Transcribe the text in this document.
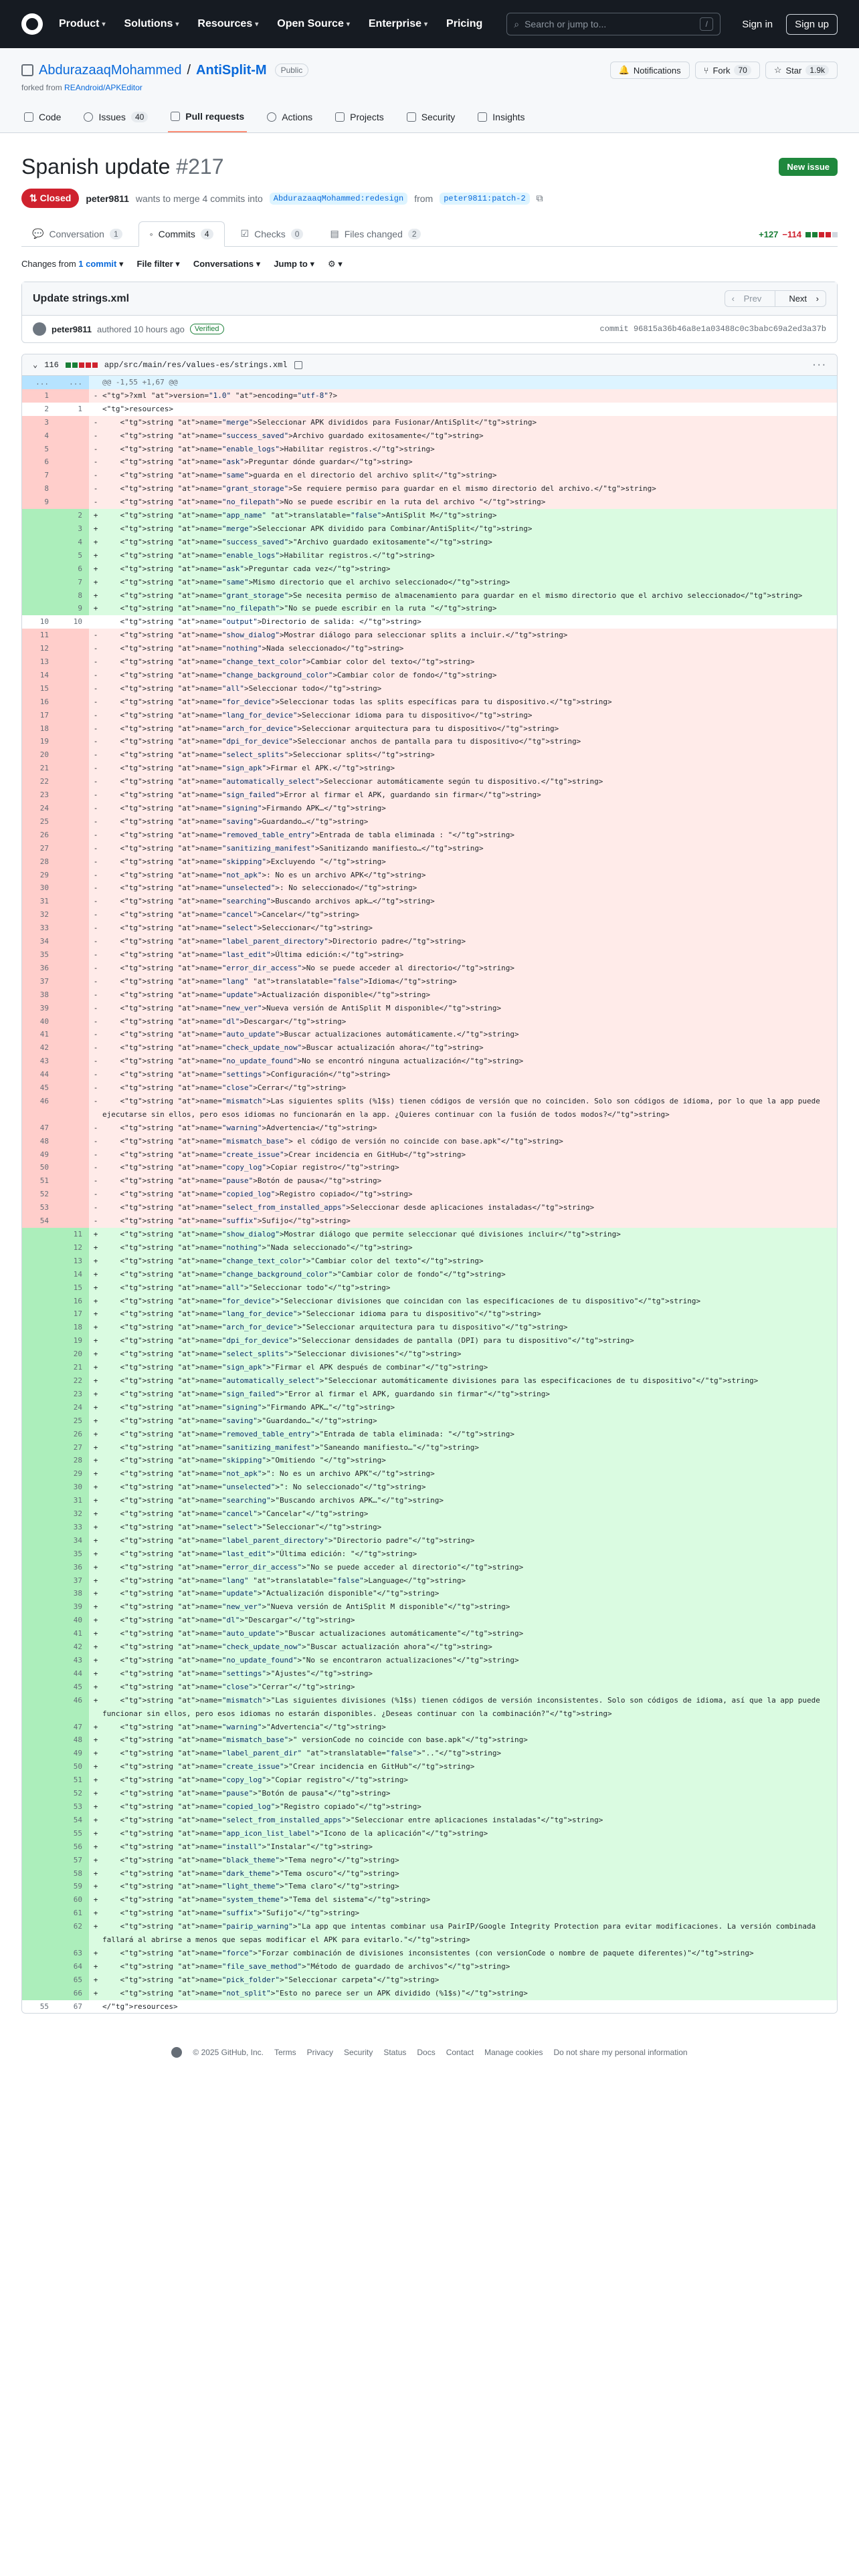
Product ▾ Solutions ▾ Resources ▾ Open Source ▾ Enterprise ▾ Pricing	⌕ Search or jump to...	/	Sign in	Sign up
AbdurazaaqMohammed / AntiSplit-M	Public	🔔 Notifications	⑂ Fork	70	☆ Star	1.9k
forked from REAndroid/APKEditor
Code	Issues	40	Pull requests	Actions	Projects	Security	Insights
Spanish update #217	New issue
⇅ Closed	peter9811 wants to merge 4 commits into	AbdurazaaqMohammed:redesign	from	peter9811:patch-2	⧉
💬 Conversation	1	◦ Commits	4	☑ Checks	0	▤ Files changed	2	+127 −114
Changes from 1 commit ▾ File filter ▾ Conversations ▾ Jump to ▾ ⚙ ▾
Update strings.xml	‹ Prev	Next ›
peter9811 authored 10 hours ago	Verified	commit 96815a36b46a8e1a03488c0c3babc69a2ed3a37b
⌄ 116	app/src/main/res/values-es/strings.xml	···
...	...		@@ -1,55 +1,67 @@
1		-	<"tg">?xml "at">version="1.0" "at">encoding="utf-8"?>
2	1		<"tg">resources>
3		-	<"tg">string "at">name="merge">Seleccionar APK divididos para Fusionar/AntiSplit</"tg">string>
4		-	<"tg">string "at">name="success_saved">Archivo guardado exitosamente</"tg">string>
5		-	<"tg">string "at">name="enable_logs">Habilitar registros.</"tg">string>
6		-	<"tg">string "at">name="ask">Preguntar dónde guardar</"tg">string>
7		-	<"tg">string "at">name="same">guarda en el directorio del archivo split</"tg">string>
8		-	<"tg">string "at">name="grant_storage">Se requiere permiso para guardar en el mismo directorio del archivo.</"tg">string>
9		-	<"tg">string "at">name="no_filepath">No se puede escribir en la ruta del archivo "</"tg">string>
	2	+	<"tg">string "at">name="app_name" "at">translatable="false">AntiSplit M</"tg">string>
	3	+	<"tg">string "at">name="merge">Seleccionar APK dividido para Combinar/AntiSplit</"tg">string>
	4	+	<"tg">string "at">name="success_saved">"Archivo guardado exitosamente"</"tg">string>
	5	+	<"tg">string "at">name="enable_logs">Habilitar registros.</"tg">string>
	6	+	<"tg">string "at">name="ask">Preguntar cada vez</"tg">string>
	7	+	<"tg">string "at">name="same">Mismo directorio que el archivo seleccionado</"tg">string>
	8	+	<"tg">string "at">name="grant_storage">Se necesita permiso de almacenamiento para guardar en el mismo directorio que el archivo seleccionado</"tg">string>
	9	+	<"tg">string "at">name="no_filepath">"No se puede escribir en la ruta "</"tg">string>
10	10		<"tg">string "at">name="output">Directorio de salida: </"tg">string>
11		-	<"tg">string "at">name="show_dialog">Mostrar diálogo para seleccionar splits a incluir.</"tg">string>
12		-	<"tg">string "at">name="nothing">Nada seleccionado</"tg">string>
13		-	<"tg">string "at">name="change_text_color">Cambiar color del texto</"tg">string>
14		-	<"tg">string "at">name="change_background_color">Cambiar color de fondo</"tg">string>
15		-	<"tg">string "at">name="all">Seleccionar todo</"tg">string>
16		-	<"tg">string "at">name="for_device">Seleccionar todas las splits específicas para tu dispositivo.</"tg">string>
17		-	<"tg">string "at">name="lang_for_device">Seleccionar idioma para tu dispositivo</"tg">string>
18		-	<"tg">string "at">name="arch_for_device">Seleccionar arquitectura para tu dispositivo</"tg">string>
19		-	<"tg">string "at">name="dpi_for_device">Seleccionar anchos de pantalla para tu dispositivo</"tg">string>
20		-	<"tg">string "at">name="select_splits">Seleccionar splits</"tg">string>
21		-	<"tg">string "at">name="sign_apk">Firmar el APK.</"tg">string>
22		-	<"tg">string "at">name="automatically_select">Seleccionar automáticamente según tu dispositivo.</"tg">string>
23		-	<"tg">string "at">name="sign_failed">Error al firmar el APK, guardando sin firmar</"tg">string>
24		-	<"tg">string "at">name="signing">Firmando APK…</"tg">string>
25		-	<"tg">string "at">name="saving">Guardando…</"tg">string>
26		-	<"tg">string "at">name="removed_table_entry">Entrada de tabla eliminada : "</"tg">string>
27		-	<"tg">string "at">name="sanitizing_manifest">Sanitizando manifiesto…</"tg">string>
28		-	<"tg">string "at">name="skipping">Excluyendo "</"tg">string>
29		-	<"tg">string "at">name="not_apk">: No es un archivo APK</"tg">string>
30		-	<"tg">string "at">name="unselected">: No seleccionado</"tg">string>
31		-	<"tg">string "at">name="searching">Buscando archivos apk…</"tg">string>
32		-	<"tg">string "at">name="cancel">Cancelar</"tg">string>
33		-	<"tg">string "at">name="select">Seleccionar</"tg">string>
34		-	<"tg">string "at">name="label_parent_directory">Directorio padre</"tg">string>
35		-	<"tg">string "at">name="last_edit">Última edición:</"tg">string>
36		-	<"tg">string "at">name="error_dir_access">No se puede acceder al directorio</"tg">string>
37		-	<"tg">string "at">name="lang" "at">translatable="false">Idioma</"tg">string>
38		-	<"tg">string "at">name="update">Actualización disponible</"tg">string>
39		-	<"tg">string "at">name="new_ver">Nueva versión de AntiSplit M disponible</"tg">string>
40		-	<"tg">string "at">name="dl">Descargar</"tg">string>
41		-	<"tg">string "at">name="auto_update">Buscar actualizaciones automáticamente.</"tg">string>
42		-	<"tg">string "at">name="check_update_now">Buscar actualización ahora</"tg">string>
43		-	<"tg">string "at">name="no_update_found">No se encontró ninguna actualización</"tg">string>
44		-	<"tg">string "at">name="settings">Configuración</"tg">string>
45		-	<"tg">string "at">name="close">Cerrar</"tg">string>
46		-	<"tg">string "at">name="mismatch">Las siguientes splits (%1$s) tienen códigos de versión que no coinciden. Solo son códigos de idioma, por lo que la app puede ejecutarse sin ellos, pero esos idiomas no funcionarán en la app. ¿Quieres continuar con la fusión de todos modos?</"tg">string>
47		-	<"tg">string "at">name="warning">Advertencia</"tg">string>
48		-	<"tg">string "at">name="mismatch_base"> el código de versión no coincide con base.apk"</"tg">string>
49		-	<"tg">string "at">name="create_issue">Crear incidencia en GitHub</"tg">string>
50		-	<"tg">string "at">name="copy_log">Copiar registro</"tg">string>
51		-	<"tg">string "at">name="pause">Botón de pausa</"tg">string>
52		-	<"tg">string "at">name="copied_log">Registro copiado</"tg">string>
53		-	<"tg">string "at">name="select_from_installed_apps">Seleccionar desde aplicaciones instaladas</"tg">string>
54		-	<"tg">string "at">name="suffix">Sufijo</"tg">string>
	11	+	<"tg">string "at">name="show_dialog">Mostrar diálogo que permite seleccionar qué divisiones incluir</"tg">string>
	12	+	<"tg">string "at">name="nothing">"Nada seleccionado"</"tg">string>
	13	+	<"tg">string "at">name="change_text_color">"Cambiar color del texto"</"tg">string>
	14	+	<"tg">string "at">name="change_background_color">"Cambiar color de fondo"</"tg">string>
	15	+	<"tg">string "at">name="all">"Seleccionar todo"</"tg">string>
	16	+	<"tg">string "at">name="for_device">"Seleccionar divisiones que coincidan con las especificaciones de tu dispositivo"</"tg">string>
	17	+	<"tg">string "at">name="lang_for_device">"Seleccionar idioma para tu dispositivo"</"tg">string>
	18	+	<"tg">string "at">name="arch_for_device">"Seleccionar arquitectura para tu dispositivo"</"tg">string>
	19	+	<"tg">string "at">name="dpi_for_device">"Seleccionar densidades de pantalla (DPI) para tu dispositivo"</"tg">string>
	20	+	<"tg">string "at">name="select_splits">"Seleccionar divisiones"</"tg">string>
	21	+	<"tg">string "at">name="sign_apk">"Firmar el APK después de combinar"</"tg">string>
	22	+	<"tg">string "at">name="automatically_select">"Seleccionar automáticamente divisiones para las especificaciones de tu dispositivo"</"tg">string>
	23	+	<"tg">string "at">name="sign_failed">"Error al firmar el APK, guardando sin firmar"</"tg">string>
	24	+	<"tg">string "at">name="signing">"Firmando APK…"</"tg">string>
	25	+	<"tg">string "at">name="saving">"Guardando…"</"tg">string>
	26	+	<"tg">string "at">name="removed_table_entry">"Entrada de tabla eliminada: "</"tg">string>
	27	+	<"tg">string "at">name="sanitizing_manifest">"Saneando manifiesto…"</"tg">string>
	28	+	<"tg">string "at">name="skipping">"Omitiendo "</"tg">string>
	29	+	<"tg">string "at">name="not_apk">": No es un archivo APK"</"tg">string>
	30	+	<"tg">string "at">name="unselected">": No seleccionado"</"tg">string>
	31	+	<"tg">string "at">name="searching">"Buscando archivos APK…"</"tg">string>
	32	+	<"tg">string "at">name="cancel">"Cancelar"</"tg">string>
	33	+	<"tg">string "at">name="select">"Seleccionar"</"tg">string>
	34	+	<"tg">string "at">name="label_parent_directory">"Directorio padre"</"tg">string>
	35	+	<"tg">string "at">name="last_edit">"Última edición: "</"tg">string>
	36	+	<"tg">string "at">name="error_dir_access">"No se puede acceder al directorio"</"tg">string>
	37	+	<"tg">string "at">name="lang" "at">translatable="false">Language</"tg">string>
	38	+	<"tg">string "at">name="update">"Actualización disponible"</"tg">string>
	39	+	<"tg">string "at">name="new_ver">"Nueva versión de AntiSplit M disponible"</"tg">string>
	40	+	<"tg">string "at">name="dl">"Descargar"</"tg">string>
	41	+	<"tg">string "at">name="auto_update">"Buscar actualizaciones automáticamente"</"tg">string>
	42	+	<"tg">string "at">name="check_update_now">"Buscar actualización ahora"</"tg">string>
	43	+	<"tg">string "at">name="no_update_found">"No se encontraron actualizaciones"</"tg">string>
	44	+	<"tg">string "at">name="settings">"Ajustes"</"tg">string>
	45	+	<"tg">string "at">name="close">"Cerrar"</"tg">string>
	46	+	<"tg">string "at">name="mismatch">"Las siguientes divisiones (%1$s) tienen códigos de versión inconsistentes. Solo son códigos de idioma, así que la app puede funcionar sin ellos, pero esos idiomas no estarán disponibles. ¿Deseas continuar con la combinación?"</"tg">string>
	47	+	<"tg">string "at">name="warning">"Advertencia"</"tg">string>
	48	+	<"tg">string "at">name="mismatch_base">" versionCode no coincide con base.apk"</"tg">string>
	49	+	<"tg">string "at">name="label_parent_dir" "at">translatable="false">".."</"tg">string>
	50	+	<"tg">string "at">name="create_issue">"Crear incidencia en GitHub"</"tg">string>
	51	+	<"tg">string "at">name="copy_log">"Copiar registro"</"tg">string>
	52	+	<"tg">string "at">name="pause">"Botón de pausa"</"tg">string>
	53	+	<"tg">string "at">name="copied_log">"Registro copiado"</"tg">string>
	54	+	<"tg">string "at">name="select_from_installed_apps">"Seleccionar entre aplicaciones instaladas"</"tg">string>
	55	+	<"tg">string "at">name="app_icon_list_label">"Icono de la aplicación"</"tg">string>
	56	+	<"tg">string "at">name="install">"Instalar"</"tg">string>
	57	+	<"tg">string "at">name="black_theme">"Tema negro"</"tg">string>
	58	+	<"tg">string "at">name="dark_theme">"Tema oscuro"</"tg">string>
	59	+	<"tg">string "at">name="light_theme">"Tema claro"</"tg">string>
	60	+	<"tg">string "at">name="system_theme">"Tema del sistema"</"tg">string>
	61	+	<"tg">string "at">name="suffix">"Sufijo"</"tg">string>
	62	+	<"tg">string "at">name="pairip_warning">"La app que intentas combinar usa PairIP/Google Integrity Protection para evitar modificaciones. La versión combinada fallará al abrirse a menos que sepas modificar el APK para evitarlo."</"tg">string>
	63	+	<"tg">string "at">name="force">"Forzar combinación de divisiones inconsistentes (con versionCode o nombre de paquete diferentes)"</"tg">string>
	64	+	<"tg">string "at">name="file_save_method">"Método de guardado de archivos"</"tg">string>
	65	+	<"tg">string "at">name="pick_folder">"Seleccionar carpeta"</"tg">string>
	66	+	<"tg">string "at">name="not_split">"Esto no parece ser un APK dividido (%1$s)"</"tg">string>
55	67		</"tg">resources>
© 2025 GitHub, Inc. Terms Privacy Security Status Docs Contact Manage cookies Do not share my personal information
